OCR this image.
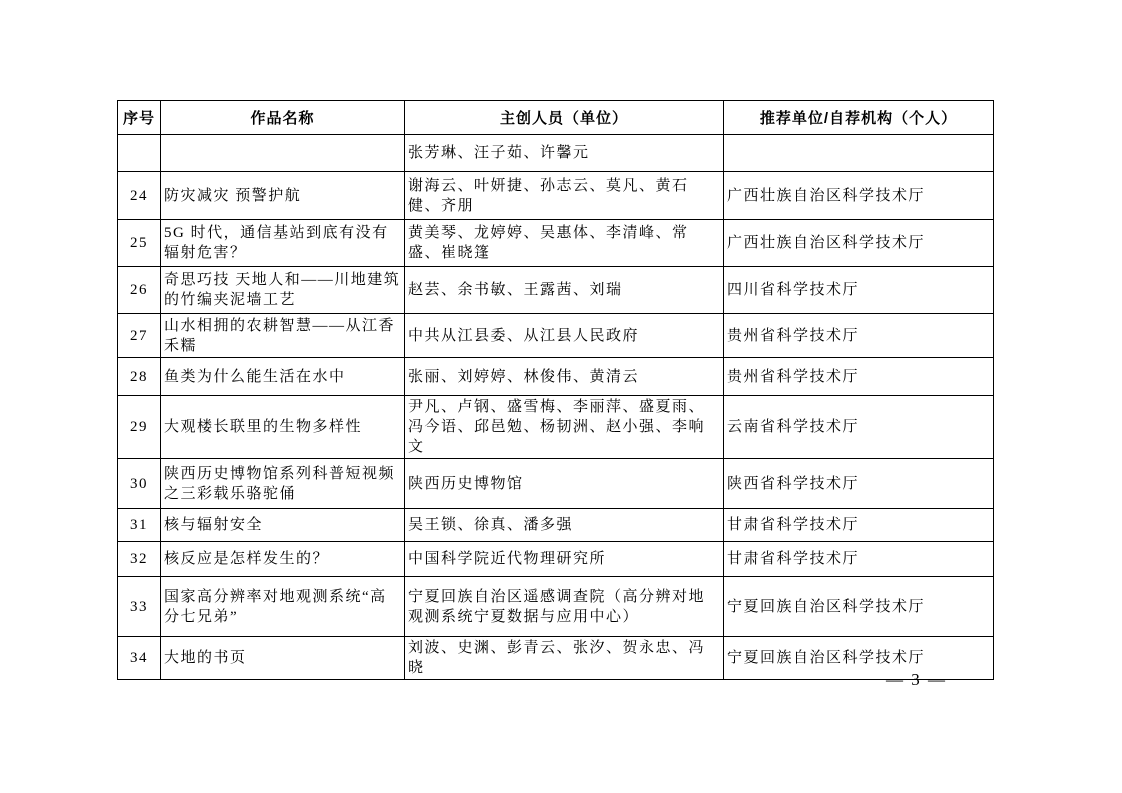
序号	作品名称	主创人员（单位）	推荐单位/自荐机构（个人）
		张芳琳、汪子茹、许馨元	
24	防灾减灾 预警护航	谢海云、叶妍捷、孙志云、莫凡、黄石健、齐朋	广西壮族自治区科学技术厅
25	5G 时代，通信基站到底有没有辐射危害？	黄美琴、龙婷婷、吴惠体、李清峰、常盛、崔晓篷	广西壮族自治区科学技术厅
26	奇思巧技 天地人和——川地建筑的竹编夹泥墙工艺	赵芸、余书敏、王露茜、刘瑞	四川省科学技术厅
27	山水相拥的农耕智慧——从江香禾糯	中共从江县委、从江县人民政府	贵州省科学技术厅
28	鱼类为什么能生活在水中	张丽、刘婷婷、林俊伟、黄清云	贵州省科学技术厅
29	大观楼长联里的生物多样性	尹凡、卢钢、盛雪梅、李丽萍、盛夏雨、冯今语、邱邑勉、杨韧洲、赵小强、李响文	云南省科学技术厅
30	陕西历史博物馆系列科普短视频之三彩载乐骆驼俑	陕西历史博物馆	陕西省科学技术厅
31	核与辐射安全	吴王锁、徐真、潘多强	甘肃省科学技术厅
32	核反应是怎样发生的？	中国科学院近代物理研究所	甘肃省科学技术厅
33	国家高分辨率对地观测系统“高分七兄弟”	宁夏回族自治区遥感调查院（高分辨对地观测系统宁夏数据与应用中心）	宁夏回族自治区科学技术厅
34	大地的书页	刘波、史渊、彭青云、张汐、贺永忠、冯晓	宁夏回族自治区科学技术厅
— 3 —
